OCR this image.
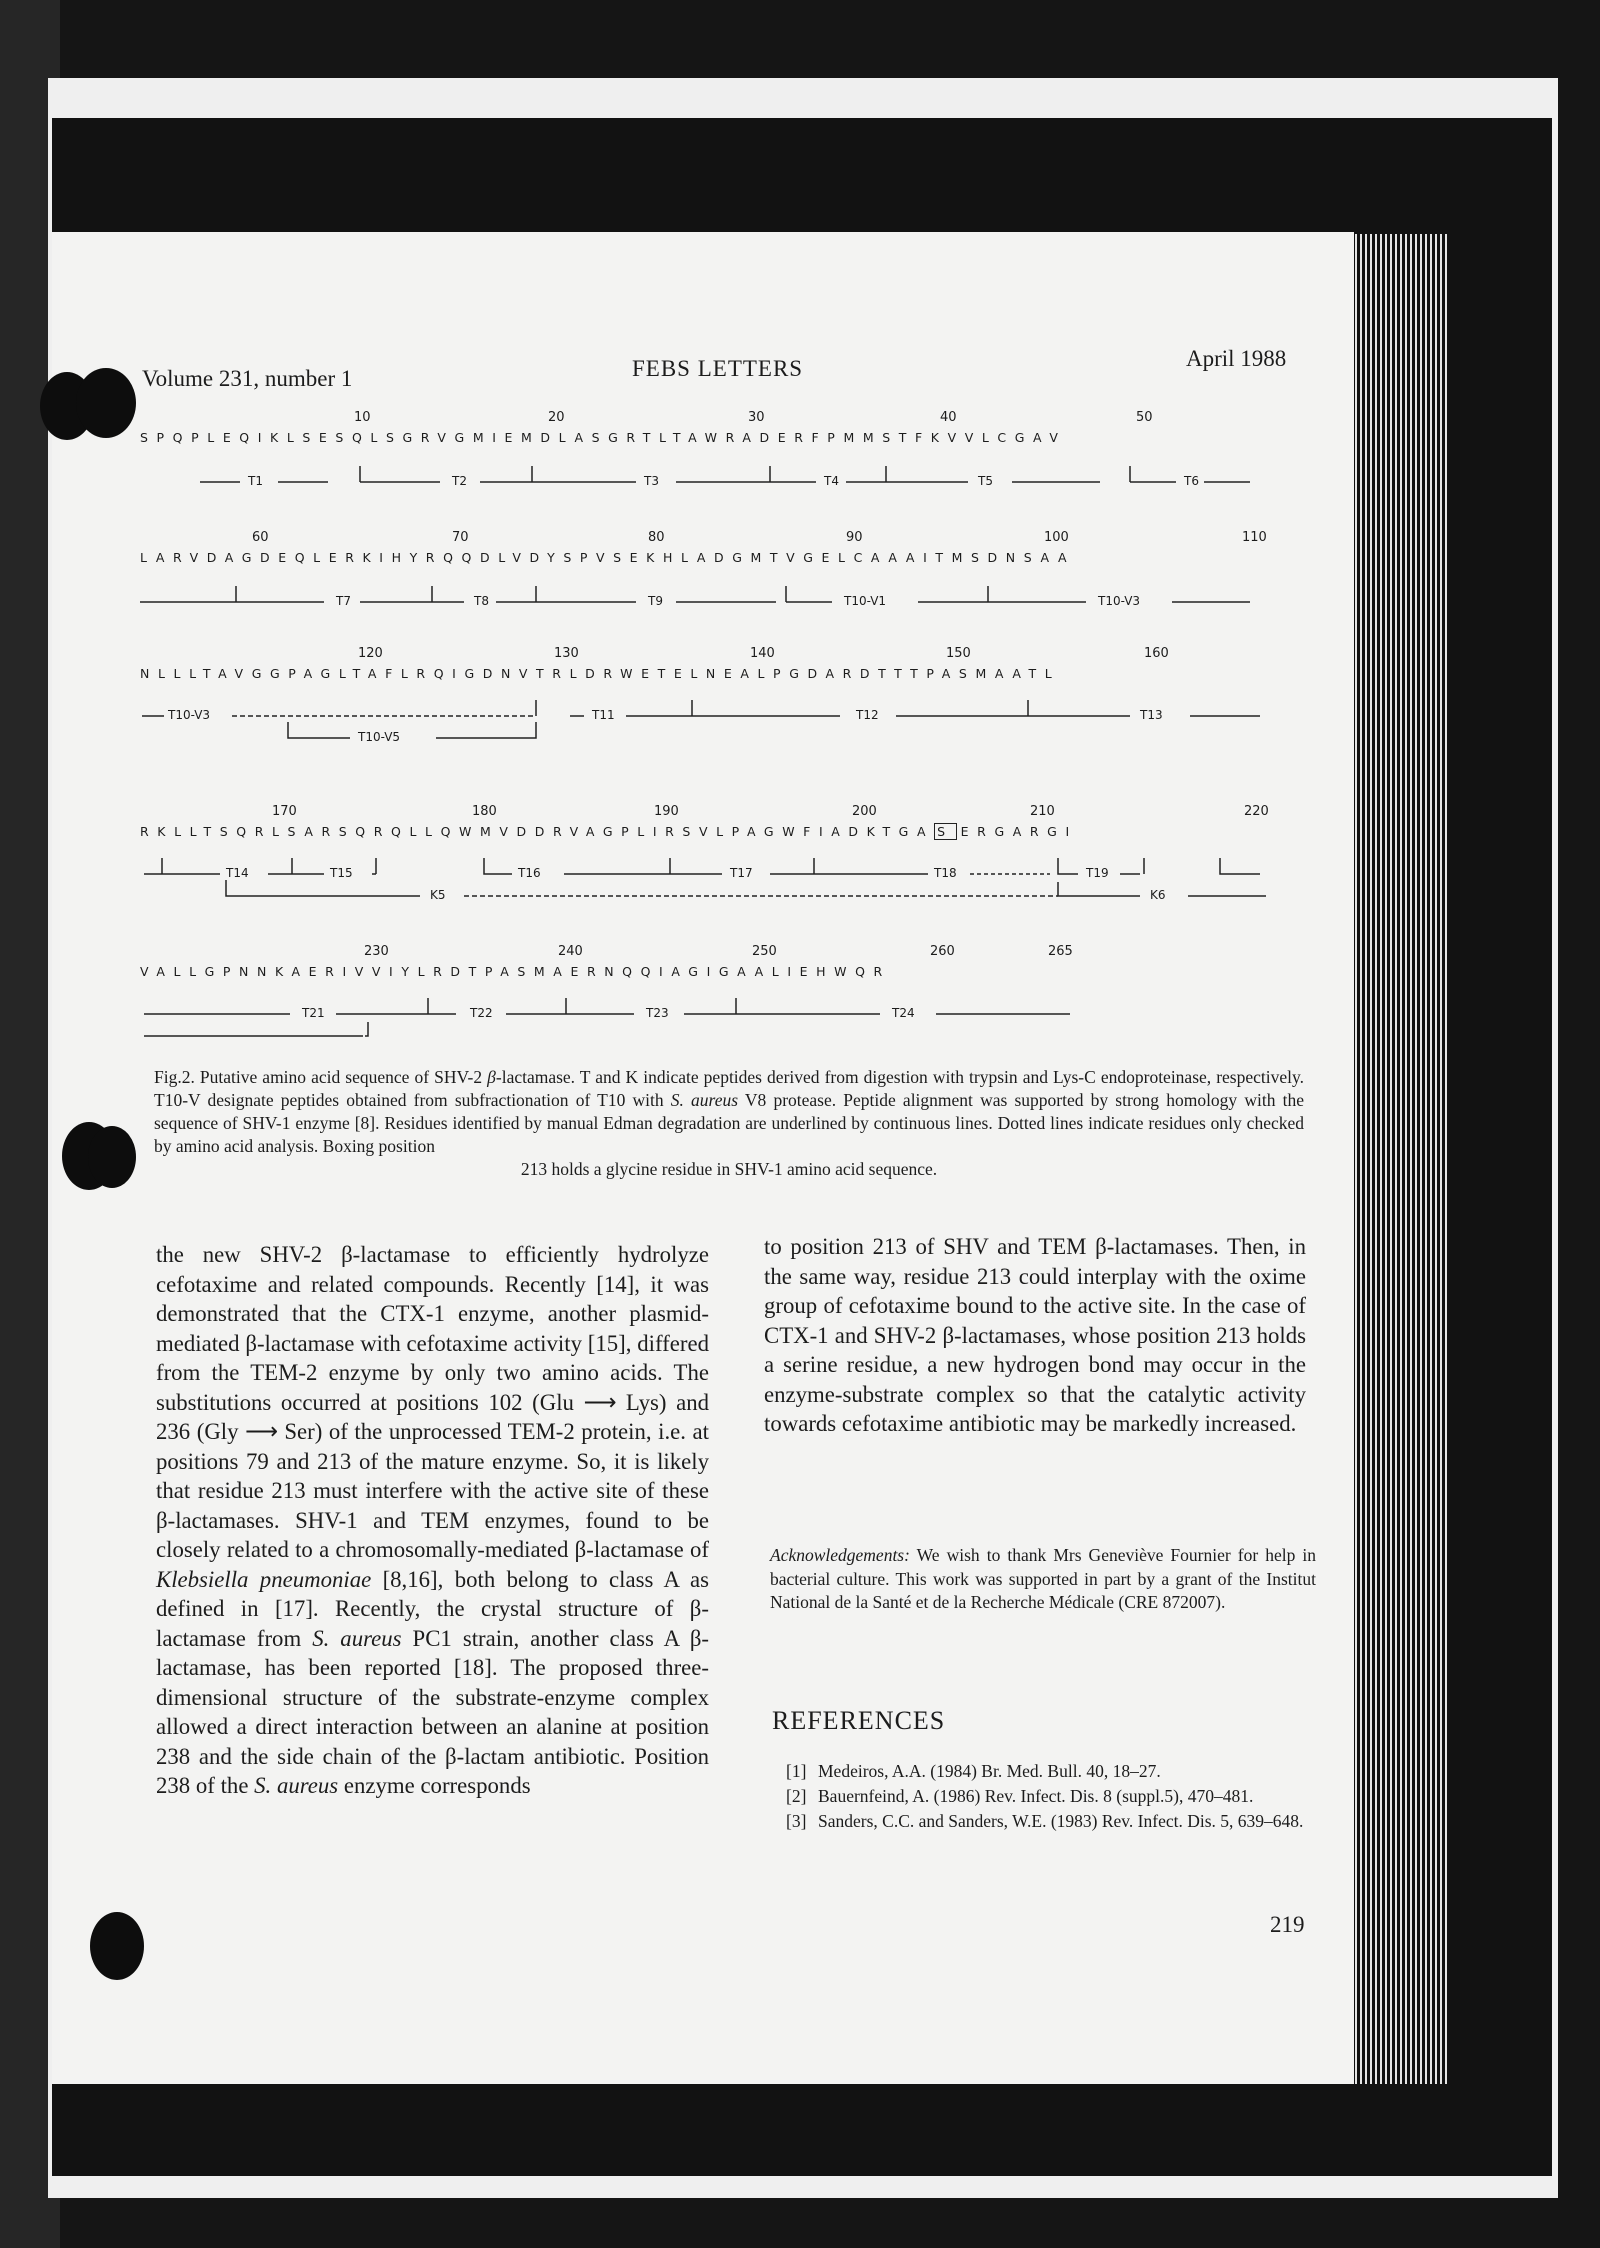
Volume 231, number 1	FEBS LETTERS	April 1988
10	20	30	40	50
SPQPLEQIKLSESQLSGRVGMIEMDLASGRTLTAWRADERFPMMSTFKVVLCGAV
T1	T2	T3	T4	T5	T6
60	70	80	90	100	110
LARVDAGDEQLERKIHYRQQDLVDYSPVSEKHLADGMTVGELCAAAITMSDNSAA
T7	T8	T9	T10-V1	T10-V3
120	130	140	150	160
NLLLTAVGGPAGLTAFLRQIGDNVTRLDRWETELNEALPGDARDTTTPASMAATL
T10-V3	T11	T12	T13
T10-V5
170	180	190	200	210	220
RKLLTSQRLSARSQRQLLQWMVDDRVAGPLIRSVLPAGWFIADKTGA S ERGARGI
T14	T15	T16	T17	T18	T19
K5	K6
230	240	250	260	265
VALLGPNNKAERIVVIYLRDTPASMAERNQQIAGIGAALIEHWQR
T21	T22	T23	T24
Fig.2. Putative amino acid sequence of SHV-2 β-lactamase. T and K indicate peptides derived from digestion with trypsin and Lys-C endoproteinase, respectively. T10-V designate peptides obtained from subfractionation of T10 with S. aureus V8 protease. Peptide alignment was supported by strong homology with the sequence of SHV-1 enzyme [8]. Residues identified by manual Edman degradation are underlined by continuous lines. Dotted lines indicate residues only checked by amino acid analysis. Boxing position
213 holds a glycine residue in SHV-1 amino acid sequence.
the new SHV-2 β-lactamase to efficiently hydrolyze cefotaxime and related compounds. Recently [14], it was demonstrated that the CTX-1 enzyme, another plasmid-mediated β-lactamase with cefotaxime activity [15], differed from the TEM-2 enzyme by only two amino acids. The substitutions occurred at positions 102 (Glu ⟶ Lys) and 236 (Gly ⟶ Ser) of the unprocessed TEM-2 protein, i.e. at positions 79 and 213 of the mature enzyme. So, it is likely that residue 213 must interfere with the active site of these β-lactamases. SHV-1 and TEM enzymes, found to be closely related to a chromosomally-mediated β-lactamase of Klebsiella pneumoniae [8,16], both belong to class A as defined in [17]. Recently, the crystal structure of β-lactamase from S. aureus PC1 strain, another class A β-lactamase, has been reported [18]. The proposed three-dimensional structure of the substrate-enzyme complex allowed a direct interaction between an alanine at position 238 and the side chain of the β-lactam antibiotic. Position 238 of the S. aureus enzyme corresponds
to position 213 of SHV and TEM β-lactamases. Then, in the same way, residue 213 could interplay with the oxime group of cefotaxime bound to the active site. In the case of CTX-1 and SHV-2 β-lactamases, whose position 213 holds a serine residue, a new hydrogen bond may occur in the enzyme-substrate complex so that the catalytic activity towards cefotaxime antibiotic may be markedly increased.
Acknowledgements: We wish to thank Mrs Geneviève Fournier for help in bacterial culture. This work was supported in part by a grant of the Institut National de la Santé et de la Recherche Médicale (CRE 872007).
REFERENCES
[1] Medeiros, A.A. (1984) Br. Med. Bull. 40, 18–27.
[2] Bauernfeind, A. (1986) Rev. Infect. Dis. 8 (suppl.5), 470–481.
[3] Sanders, C.C. and Sanders, W.E. (1983) Rev. Infect. Dis. 5, 639–648.
219
